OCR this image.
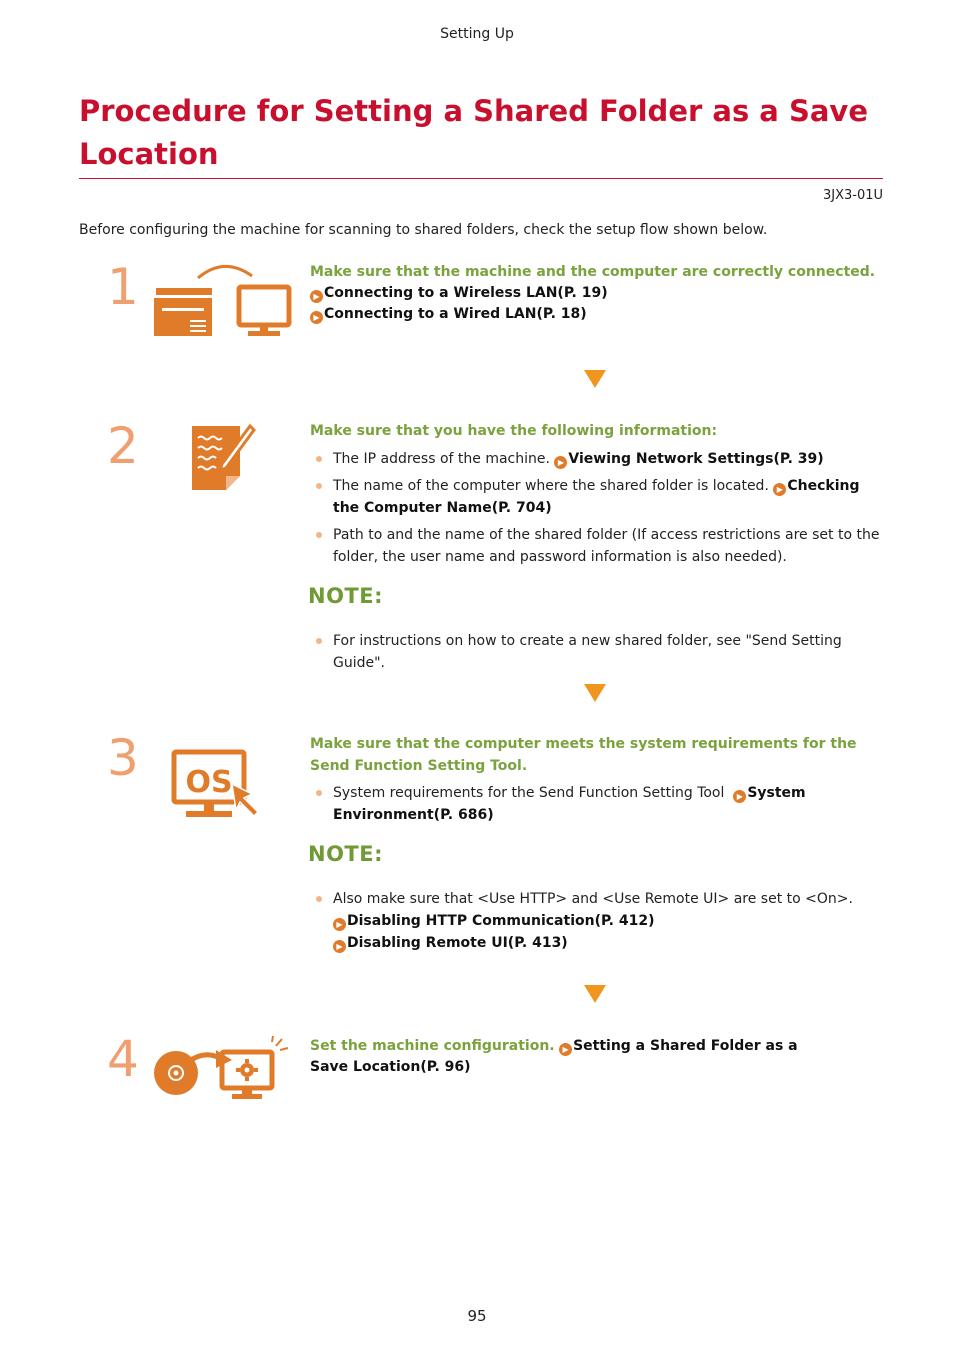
Setting Up
Procedure for Setting a Shared Folder as a Save Location
3JX3-01U
Before configuring the machine for scanning to shared folders, check the setup flow shown below.
1	Make sure that the machine and the computer are correctly connected.
▶ Connecting to a Wireless LAN(P. 19)
▶ Connecting to a Wired LAN(P. 18)
2	Make sure that you have the following information:
The IP address of the machine. ▶ Viewing Network Settings(P. 39)
The name of the computer where the shared folder is located. ▶ Checking the Computer Name(P. 704)
Path to and the name of the shared folder (If access restrictions are set to the folder, the user name and password information is also needed).
NOTE:
For instructions on how to create a new shared folder, see "Send Setting Guide".
3 OS
Make sure that the computer meets the system requirements for the Send Function Setting Tool.
System requirements for the Send Function Setting Tool ▶ System Environment(P. 686)
NOTE:
Also make sure that <Use HTTP> and <Use Remote UI> are set to <On>.
▶ Disabling HTTP Communication(P. 412)
▶ Disabling Remote UI(P. 413)
4	Set the machine configuration. ▶ Setting a Shared Folder as a Save Location(P. 96)
95
